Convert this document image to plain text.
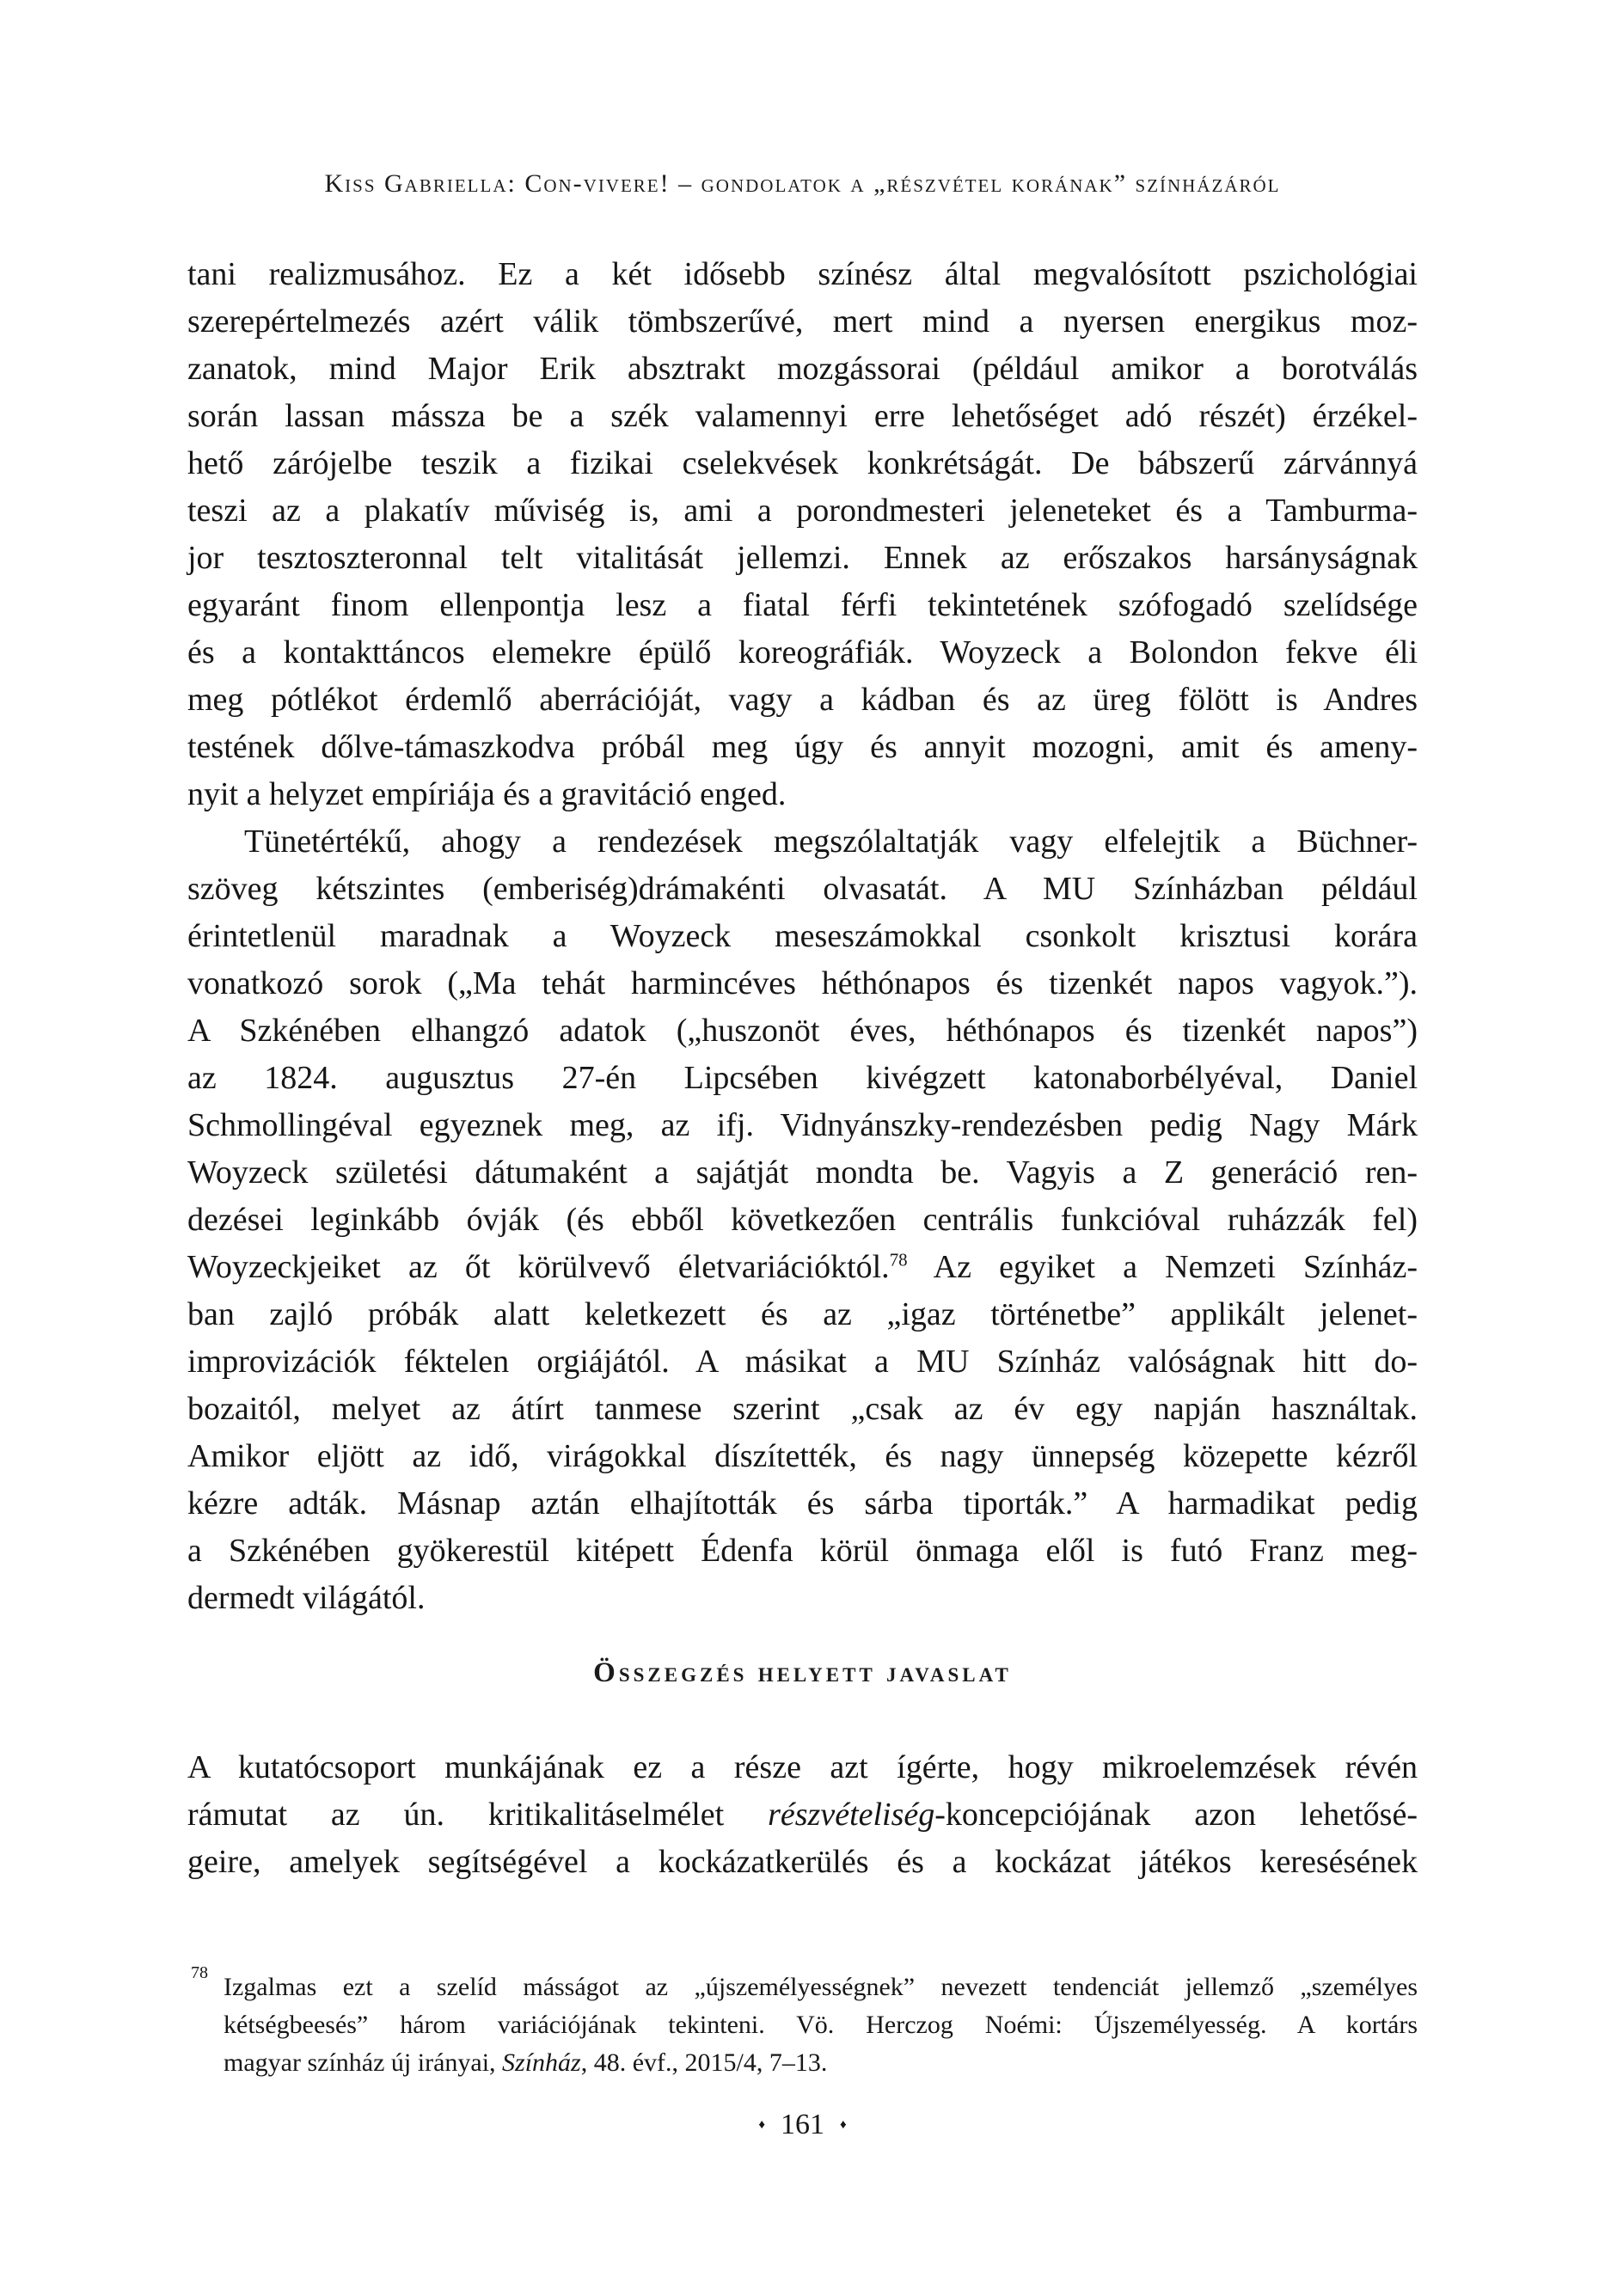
Kiss Gabriella: Con-vivere! – gondolatok a „részvétel korának” színházáról
tani realizmusához. Ez a két idősebb színész által megvalósított pszichológiai
szerepértelmezés azért válik tömbszerűvé, mert mind a nyersen energikus moz-
zanatok, mind Major Erik absztrakt mozgássorai (például amikor a borotválás
során lassan mássza be a szék valamennyi erre lehetőséget adó részét) érzékel-
hető zárójelbe teszik a fizikai cselekvések konkrétságát. De bábszerű zárvánnyá
teszi az a plakatív műviség is, ami a porondmesteri jeleneteket és a Tamburma-
jor tesztoszteronnal telt vitalitását jellemzi. Ennek az erőszakos harsányságnak
egyaránt finom ellenpontja lesz a fiatal férfi tekintetének szófogadó szelídsége
és a kontakttáncos elemekre épülő koreográfiák. Woyzeck a Bolondon fekve éli
meg pótlékot érdemlő aberrációját, vagy a kádban és az üreg fölött is Andres
testének dőlve-támaszkodva próbál meg úgy és annyit mozogni, amit és ameny-
nyit a helyzet empíriája és a gravitáció enged.
Tünetértékű, ahogy a rendezések megszólaltatják vagy elfelejtik a Büchner-
szöveg kétszintes (emberiség)drámakénti olvasatát. A MU Színházban például
érintetlenül maradnak a Woyzeck meseszámokkal csonkolt krisztusi korára
vonatkozó sorok („Ma tehát harmincéves héthónapos és tizenkét napos vagyok.”).
A Szkénében elhangzó adatok („huszonöt éves, héthónapos és tizenkét napos”)
az 1824. augusztus 27-én Lipcsében kivégzett katonaborbélyéval, Daniel
Schmollingéval egyeznek meg, az ifj. Vidnyánszky-rendezésben pedig Nagy Márk
Woyzeck születési dátumaként a sajátját mondta be. Vagyis a Z generáció ren-
dezései leginkább óvják (és ebből következően centrális funkcióval ruházzák fel)
Woyzeckjeiket az őt körülvevő életvariációktól.$^{78}$ Az egyiket a Nemzeti Színház-
ban zajló próbák alatt keletkezett és az „igaz történetbe” applikált jelenet-
improvizációk féktelen orgiájától. A másikat a MU Színház valóságnak hitt do-
bozaitól, melyet az átírt tanmese szerint „csak az év egy napján használtak.
Amikor eljött az idő, virágokkal díszítették, és nagy ünnepség közepette kézről
kézre adták. Másnap aztán elhajították és sárba tiporták.” A harmadikat pedig
a Szkénében gyökerestül kitépett Édenfa körül önmaga elől is futó Franz meg-
dermedt világától.
Összegzés helyett javaslat
A kutatócsoport munkájának ez a része azt ígérte, hogy mikroelemzések révén
rámutat az ún. kritikalitáselmélet részvételiség-koncepciójának azon lehetősé-
geire, amelyek segítségével a kockázatkerülés és a kockázat játékos keresésének
78 Izgalmas ezt a szelíd másságot az „újszemélyességnek” nevezett tendenciát jellemző „személyes
kétségbeesés” három variációjának tekinteni. Vö. Herczog Noémi: Újszemélyesség. A kortárs
magyar színház új irányai, Színház, 48. évf., 2015/4, 7–13.
♦ 161 ♦
